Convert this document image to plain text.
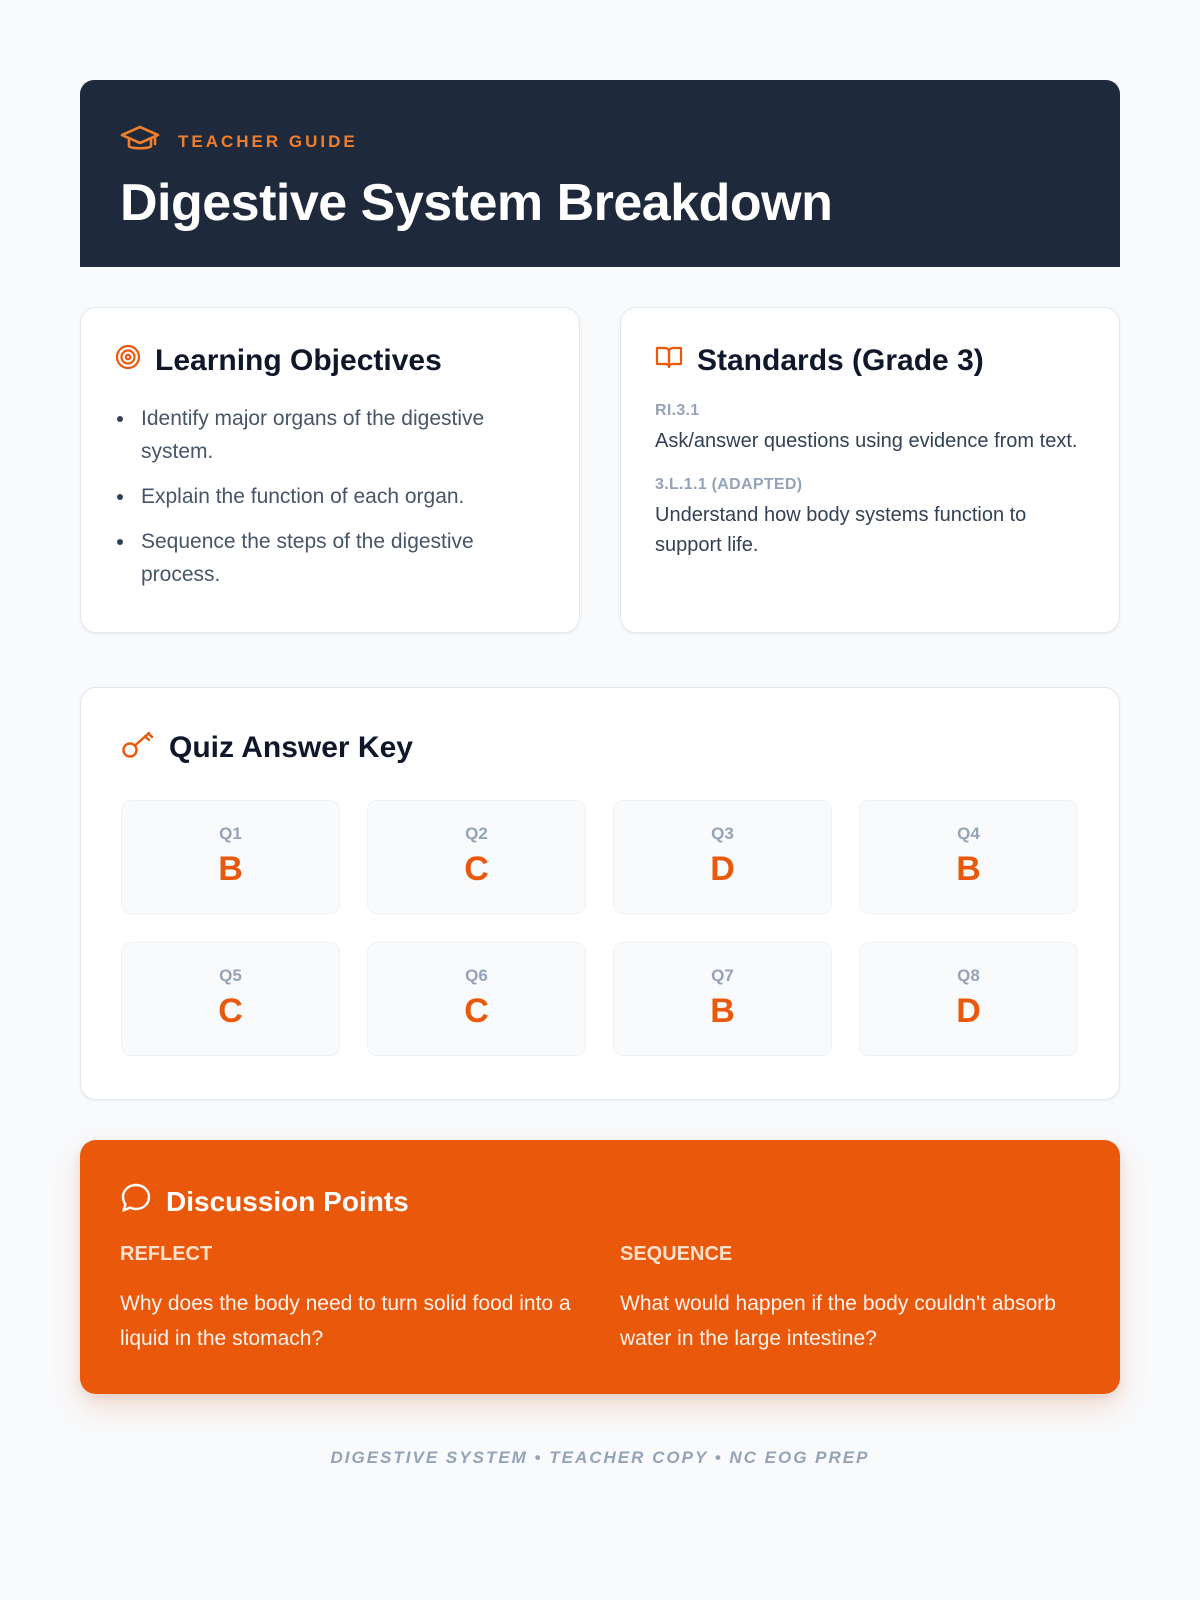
TEACHER GUIDE
Digestive System Breakdown
Learning Objectives
Identify major organs of the digestive system.
Explain the function of each organ.
Sequence the steps of the digestive process.
Standards (Grade 3)
RI.3.1
Ask/answer questions using evidence from text.
3.L.1.1 (ADAPTED)
Understand how body systems function to support life.
Quiz Answer Key
Q1
B
Q2
C
Q3
D
Q4
B
Q5
C
Q6
C
Q7
B
Q8
D
Discussion Points
REFLECT
Why does the body need to turn solid food into a liquid in the stomach?
SEQUENCE
What would happen if the body couldn't absorb water in the large intestine?
DIGESTIVE SYSTEM • TEACHER COPY • NC EOG PREP
